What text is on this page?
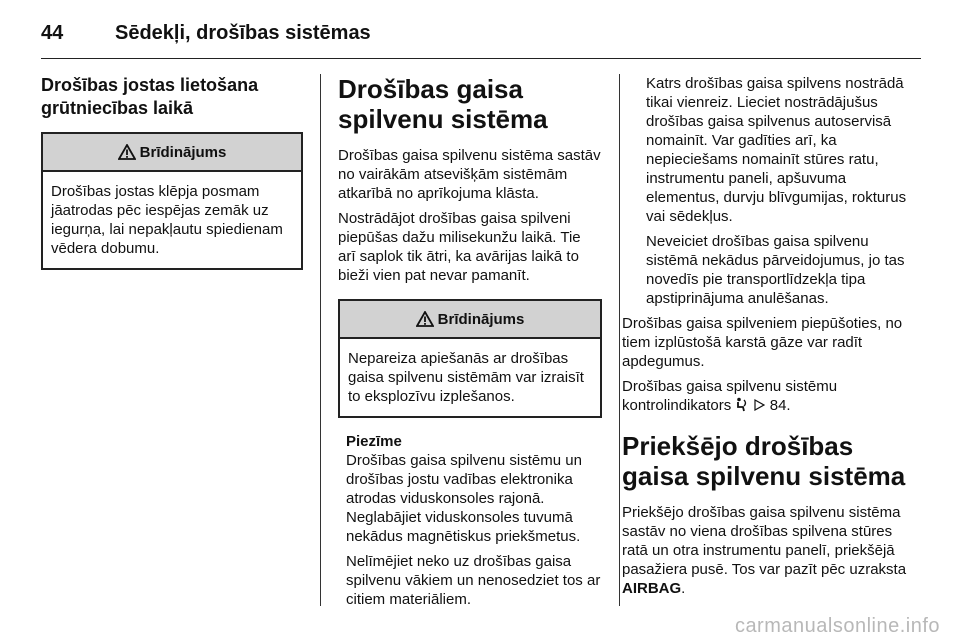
44	Sēdekļi, drošības sistēmas
Drošības jostas lietošana grūtniecības laikā
Brīdinājums
Drošības jostas klēpja posmam jāatrodas pēc iespējas zemāk uz iegurņa, lai nepakļautu spiedienam vēdera dobumu.
Drošības gaisa spilvenu sistēma

Drošības gaisa spilvenu sistēma sastāv no vairākām atsevišķām sistēmām atkarībā no aprīkojuma klāsta.

Nostrādājot drošības gaisa spilveni piepūšas dažu milisekunžu laikā. Tie arī saplok tik ātri, ka avārijas laikā to bieži vien pat nevar pamanīt.

Brīdinājums
Nepareiza apiešanās ar drošības gaisa spilvenu sistēmām var izraisīt to eksplozīvu izplešanos.
Piezīme

Drošības gaisa spilvenu sistēmu un drošības jostu vadības elektronika atrodas viduskonsoles rajonā. Neglabājiet viduskonsoles tuvumā nekādus magnētiskus priekšmetus.

Nelīmējiet neko uz drošības gaisa spilvenu vākiem un nenosedziet tos ar citiem materiāliem.

Katrs drošības gaisa spilvens nostrādā tikai vienreiz. Lieciet nostrādājušus drošības gaisa spilvenus autoservisā nomainīt. Var gadīties arī, ka nepieciešams nomainīt stūres ratu, instrumentu paneli, apšuvuma elementus, durvju blīvgumijas, rokturus vai sēdekļus.

Neveiciet drošības gaisa spilvenu sistēmā nekādus pārveidojumus, jo tas novedīs pie transportlīdzekļa tipa apstiprinājuma anulēšanas.

Drošības gaisa spilveniem piepūšoties, no tiem izplūstošā karstā gāze var radīt apdegumus.

Drošības gaisa spilvenu sistēmu kontrolindikators	84.

Priekšējo drošības gaisa spilvenu sistēma

Priekšējo drošības gaisa spilvenu sistēma sastāv no viena drošības spilvena stūres ratā un otra instrumentu panelī, priekšējā pasažiera pusē. Tos var pazīt pēc uzraksta AIRBAG.

carmanualsonline.info
